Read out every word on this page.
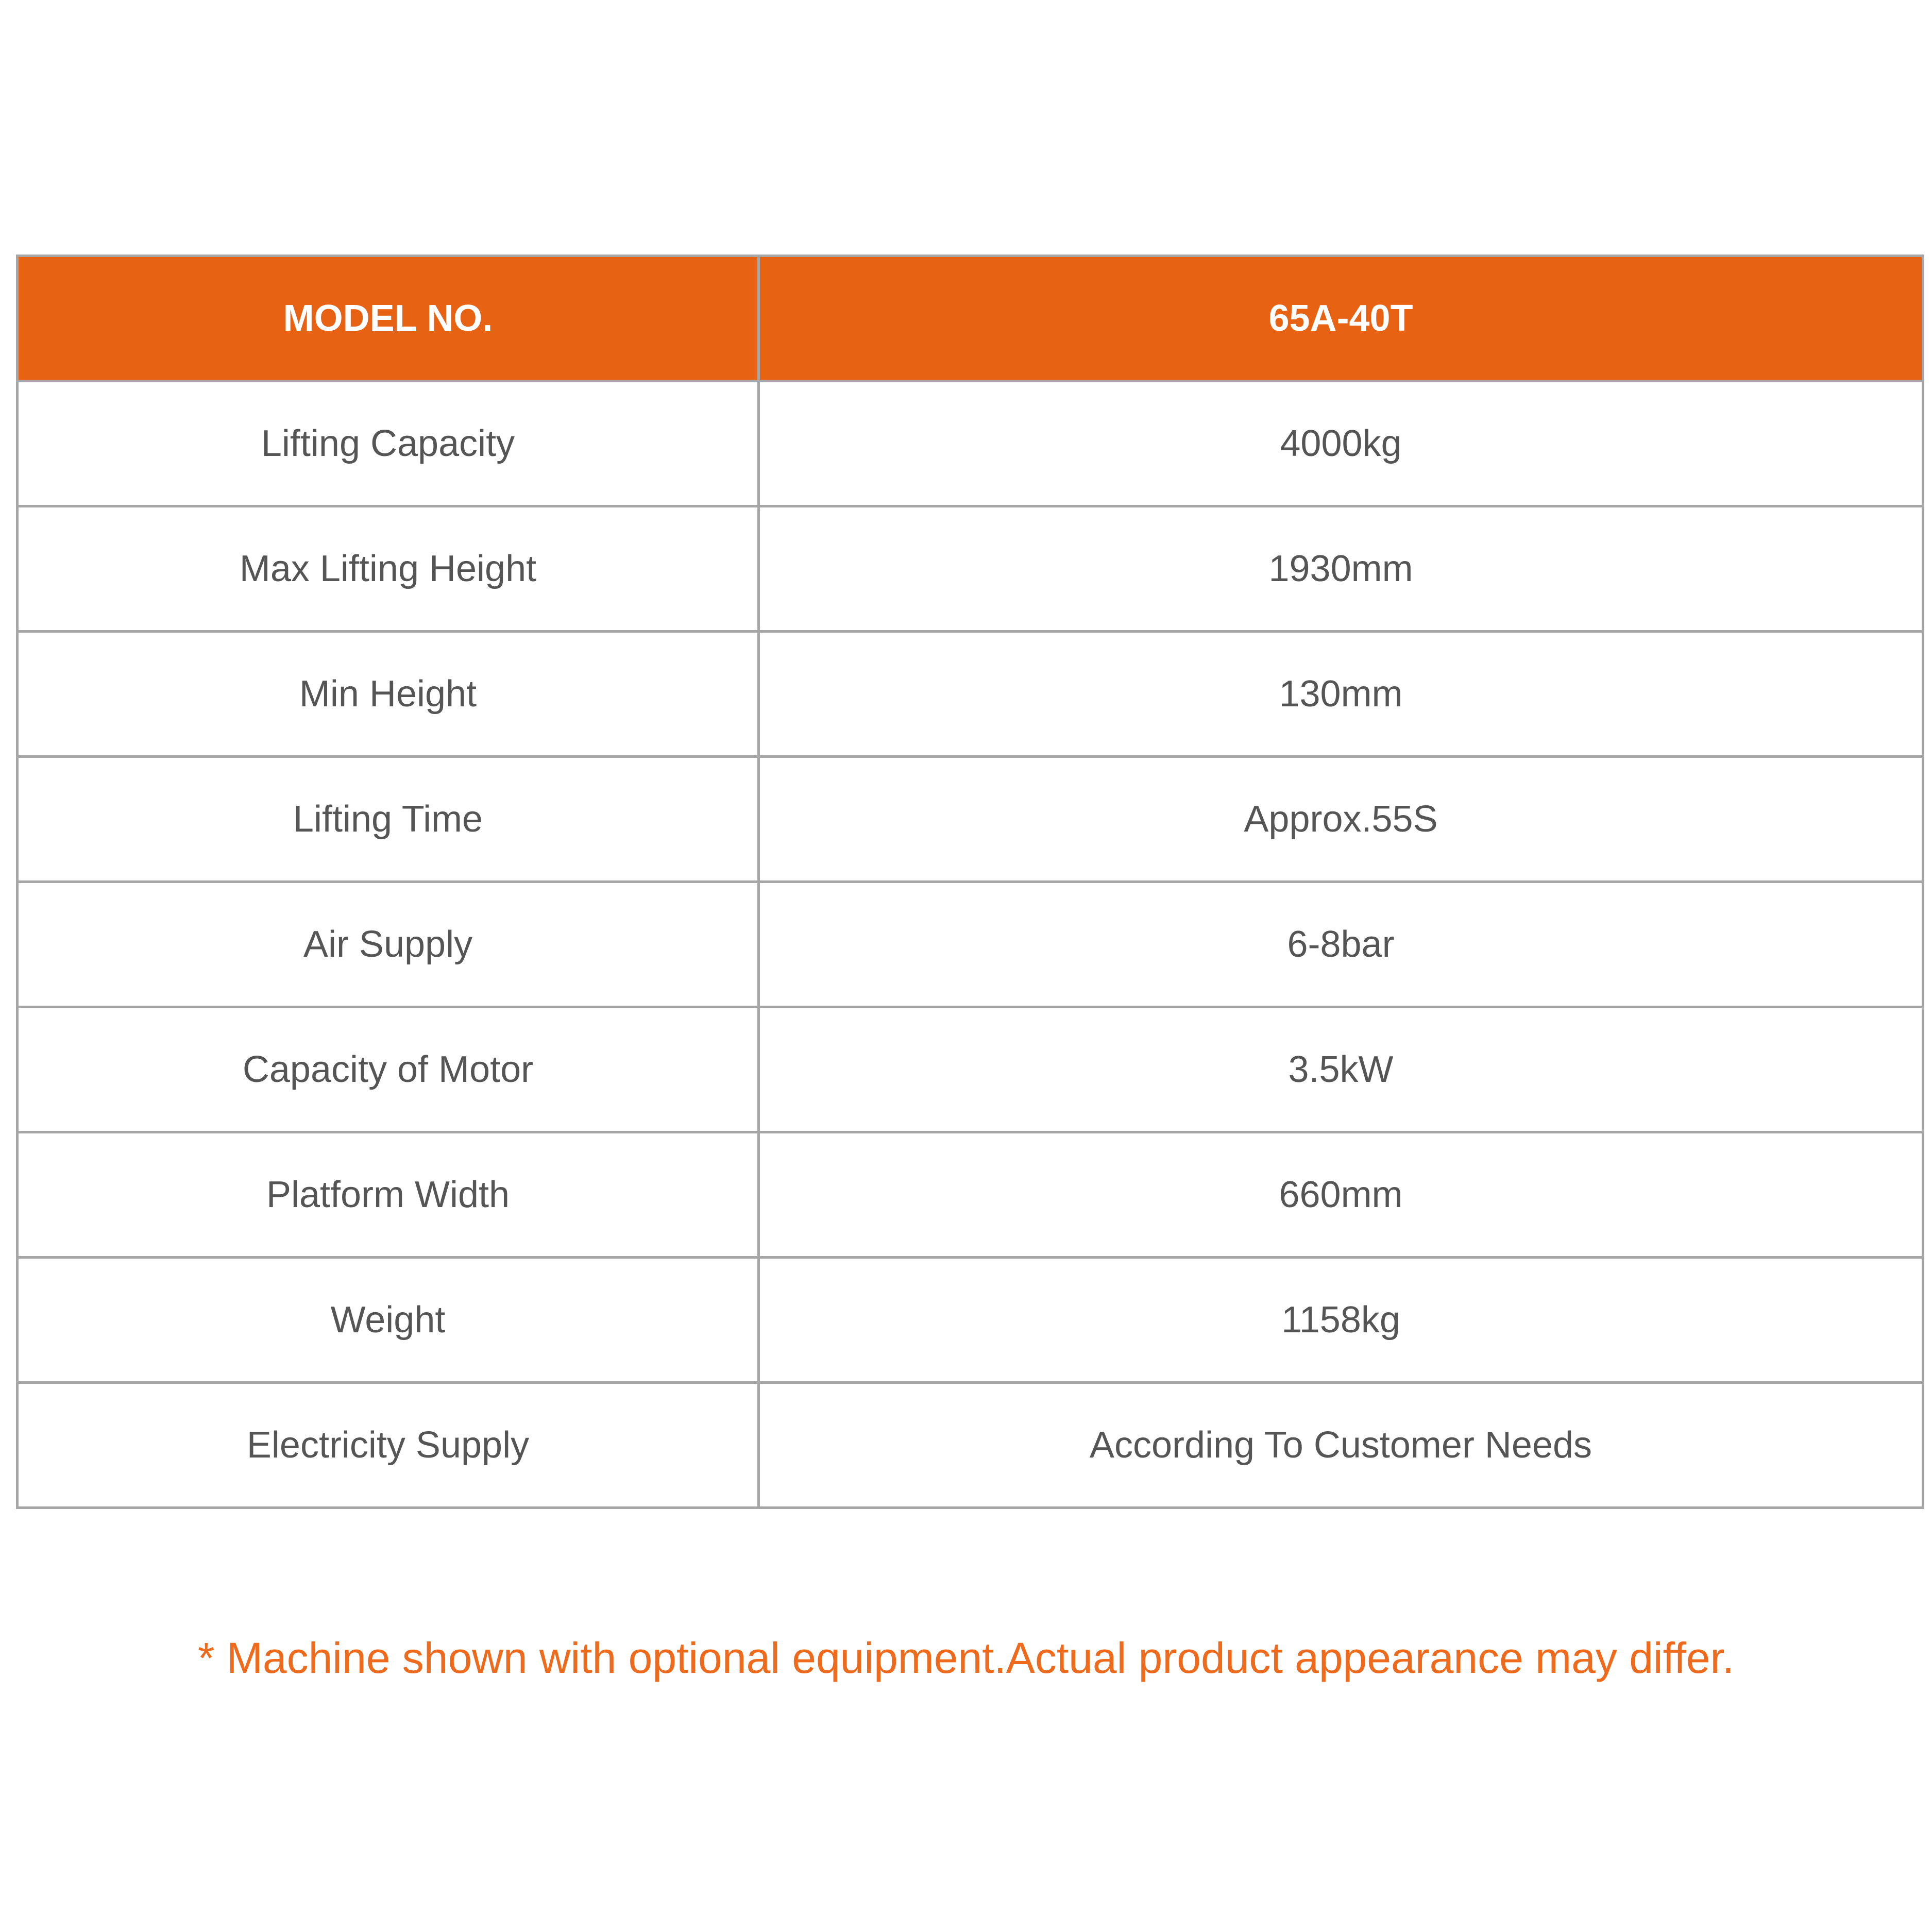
MODEL NO.	65A-40T
Lifting Capacity	4000kg
Max Lifting Height	1930mm
Min Height	130mm
Lifting Time	Approx.55S
Air Supply	6-8bar
Capacity of Motor	3.5kW
Platform Width	660mm
Weight	1158kg
Electricity Supply	According To Customer Needs
* Machine shown with optional equipment.Actual product appearance may differ.
